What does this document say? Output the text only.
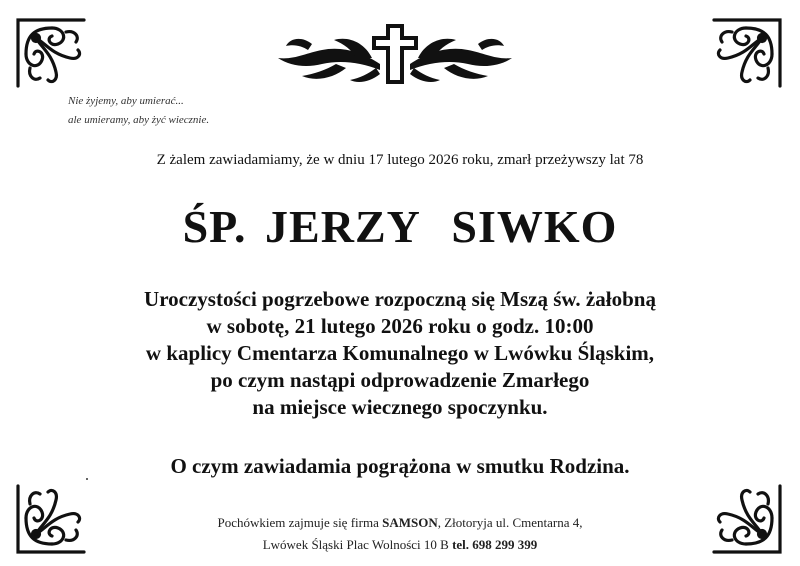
Nie żyjemy, aby umierać...
ale umieramy, aby żyć wiecznie.
Z żalem zawiadamiamy, że w dniu 17 lutego 2026 roku, zmarł przeżywszy lat 78
ŚP. JERZY SIWKO
Uroczystości pogrzebowe rozpoczną się Mszą św. żałobną
w sobotę, 21 lutego 2026 roku o godz. 10:00
w kaplicy Cmentarza Komunalnego w Lwówku Śląskim,
po czym nastąpi odprowadzenie Zmarłego
na miejsce wiecznego spoczynku.
O czym zawiadamia pogrążona w smutku Rodzina.
Pochówkiem zajmuje się firma SAMSON, Złotoryja ul. Cmentarna 4,
Lwówek Śląski Plac Wolności 10 B tel. 698 299 399
